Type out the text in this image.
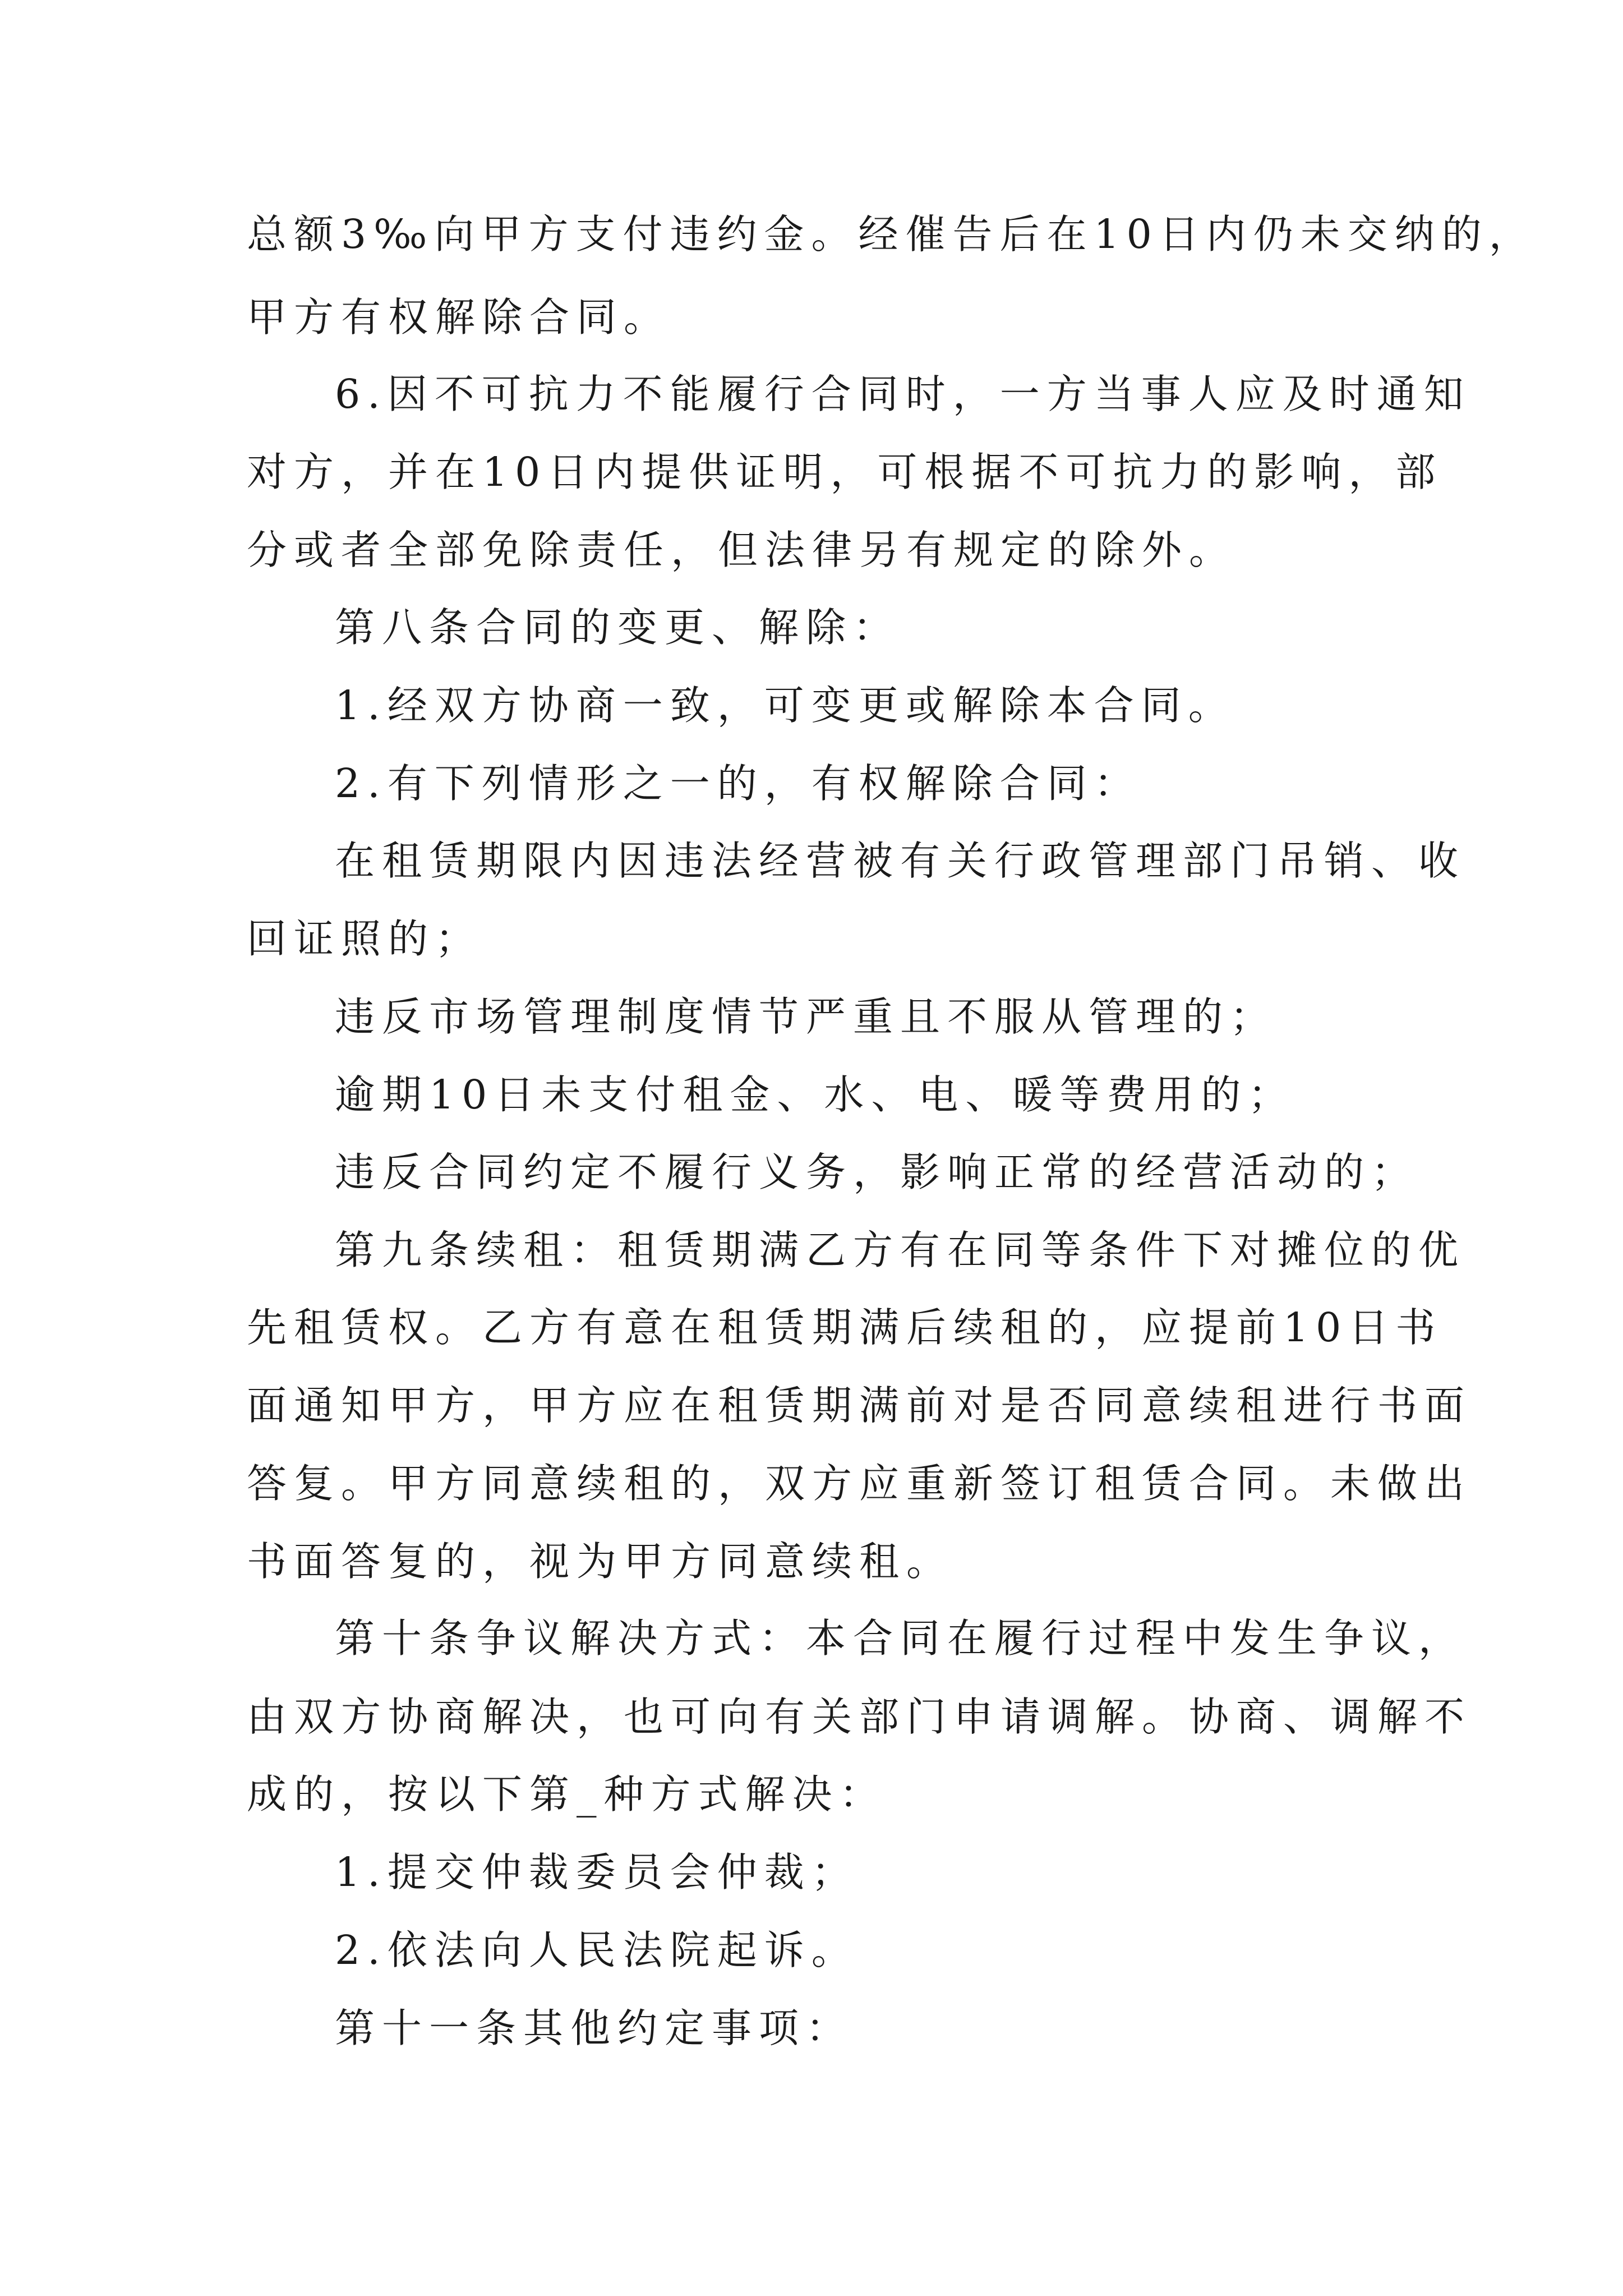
总额3‰向甲方支付违约金。经催告后在10日内仍未交纳的，
甲方有权解除合同。
6.因不可抗力不能履行合同时，一方当事人应及时通知
对方，并在10日内提供证明，可根据不可抗力的影响，部
分或者全部免除责任，但法律另有规定的除外。
第八条合同的变更、解除：
1.经双方协商一致，可变更或解除本合同。
2.有下列情形之一的，有权解除合同：
在租赁期限内因违法经营被有关行政管理部门吊销、收
回证照的；
违反市场管理制度情节严重且不服从管理的；
逾期10日未支付租金、水、电、暖等费用的；
违反合同约定不履行义务，影响正常的经营活动的；
第九条续租：租赁期满乙方有在同等条件下对摊位的优
先租赁权。乙方有意在租赁期满后续租的，应提前10日书
面通知甲方，甲方应在租赁期满前对是否同意续租进行书面
答复。甲方同意续租的，双方应重新签订租赁合同。未做出
书面答复的，视为甲方同意续租。
第十条争议解决方式：本合同在履行过程中发生争议，
由双方协商解决，也可向有关部门申请调解。协商、调解不
成的，按以下第_种方式解决：
1.提交仲裁委员会仲裁；
2.依法向人民法院起诉。
第十一条其他约定事项：
